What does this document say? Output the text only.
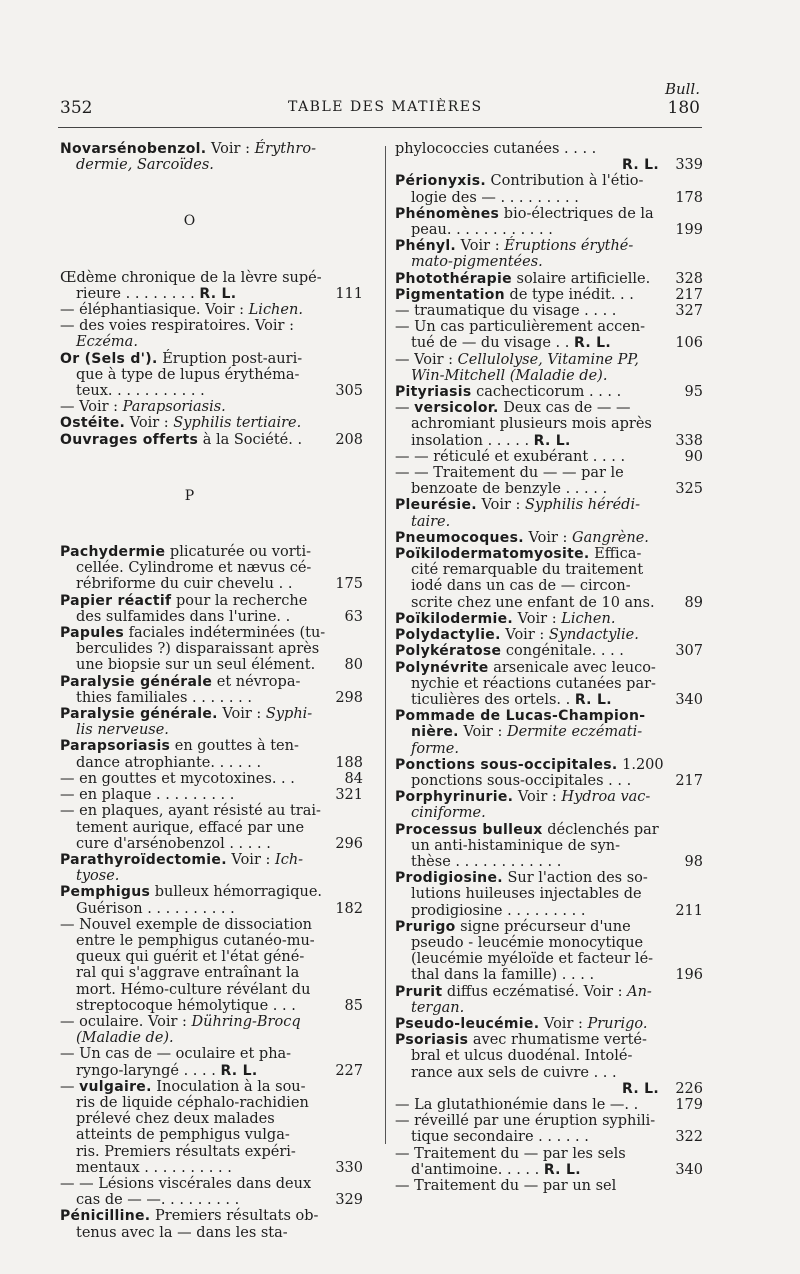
352	TABLE DES MATIÈRES
Bull.
180
Novarsénobenzol. Voir : Érythro-
dermie, Sarcoïdes.
O
Œdème chronique de la lèvre supé-
rieure . . . . . . . . R. L.	111
— éléphantiasique. Voir : Lichen.
— des voies respiratoires. Voir :
Eczéma.
Or (Sels d'). Éruption post-auri-
que à type de lupus érythéma-
teux. . . . . . . . . . .	305
— Voir : Parapsoriasis.
Ostéite. Voir : Syphilis tertiaire.
Ouvrages offerts à la Société. .	208
P
Pachydermie plicaturée ou vorti-
cellée. Cylindrome et nævus cé-
rébriforme du cuir chevelu . .	175
Papier réactif pour la recherche
des sulfamides dans l'urine. .	63
Papules faciales indéterminées (tu-
berculides ?) disparaissant après
une biopsie sur un seul élément.	80
Paralysie générale et névropa-
thies familiales . . . . . . .	298
Paralysie générale. Voir : Syphi-
lis nerveuse.
Parapsoriasis en gouttes à ten-
dance atrophiante. . . . . .	188
— en gouttes et mycotoxines. . .	84
— en plaque . . . . . . . . .	321
— en plaques, ayant résisté au trai-
tement aurique, effacé par une
cure d'arsénobenzol . . . . .	296
Parathyroïdectomie. Voir : Ich-
tyose.
Pemphigus bulleux hémorragique.
Guérison . . . . . . . . . .	182
— Nouvel exemple de dissociation
entre le pemphigus cutanéo-mu-
queux qui guérit et l'état géné-
ral qui s'aggrave entraînant la
mort. Hémo-culture révélant du
streptocoque hémolytique . . .	85
— oculaire. Voir : Dühring-Brocq
(Maladie de).
— Un cas de — oculaire et pha-
ryngo-laryngé . . . . R. L.	227
— vulgaire. Inoculation à la sou-
ris de liquide céphalo-rachidien
prélevé chez deux malades
atteints de pemphigus vulga-
ris. Premiers résultats expéri-
mentaux . . . . . . . . . .	330
— — Lésions viscérales dans deux
cas de — —. . . . . . . . .	329
Pénicilline. Premiers résultats ob-
tenus avec la — dans les sta-
phylococcies cutanées . . . .
R. L.	339
Périonyxis. Contribution à l'étio-
logie des — . . . . . . . . .	178
Phénomènes bio-électriques de la
peau. . . . . . . . . . . .	199
Phényl. Voir : Éruptions érythé-
mato-pigmentées.
Photothérapie solaire artificielle.	328
Pigmentation de type inédit. . .	217
— traumatique du visage . . . .	327
— Un cas particulièrement accen-
tué de — du visage . . R. L.	106
— Voir : Cellulolyse, Vitamine PP,
Win-Mitchell (Maladie de).
Pityriasis cachecticorum . . . .	95
— versicolor. Deux cas de — —
achromiant plusieurs mois après
insolation . . . . . R. L.	338
— — réticulé et exubérant . . . .	90
— — Traitement du — — par le
benzoate de benzyle . . . . .	325
Pleurésie. Voir : Syphilis hérédi-
taire.
Pneumocoques. Voir : Gangrène.
Poïkilodermatomyosite. Effica-
cité remarquable du traitement
iodé dans un cas de — circon-
scrite chez une enfant de 10 ans.	89
Poïkilodermie. Voir : Lichen.
Polydactylie. Voir : Syndactylie.
Polykératose congénitale. . . .	307
Polynévrite arsenicale avec leuco-
nychie et réactions cutanées par-
ticulières des ortels. . R. L.	340
Pommade de Lucas-Champion-
nière. Voir : Dermite eczémati-
forme.
Ponctions sous-occipitales. 1.200
ponctions sous-occipitales . . .	217
Porphyrinurie. Voir : Hydroa vac-
ciniforme.
Processus bulleux déclenchés par
un anti-histaminique de syn-
thèse . . . . . . . . . . . .	98
Prodigiosine. Sur l'action des so-
lutions huileuses injectables de
prodigiosine . . . . . . . . .	211
Prurigo signe précurseur d'une
pseudo - leucémie monocytique
(leucémie myéloïde et facteur lé-
thal dans la famille) . . . .	196
Prurit diffus eczématisé. Voir : An-
tergan.
Pseudo-leucémie. Voir : Prurigo.
Psoriasis avec rhumatisme verté-
bral et ulcus duodénal. Intolé-
rance aux sels de cuivre . . .
R. L.	226
— La glutathionémie dans le —. .	179
— réveillé par une éruption syphili-
tique secondaire . . . . . .	322
— Traitement du — par les sels
d'antimoine. . . . . R. L.	340
— Traitement du — par un sel
